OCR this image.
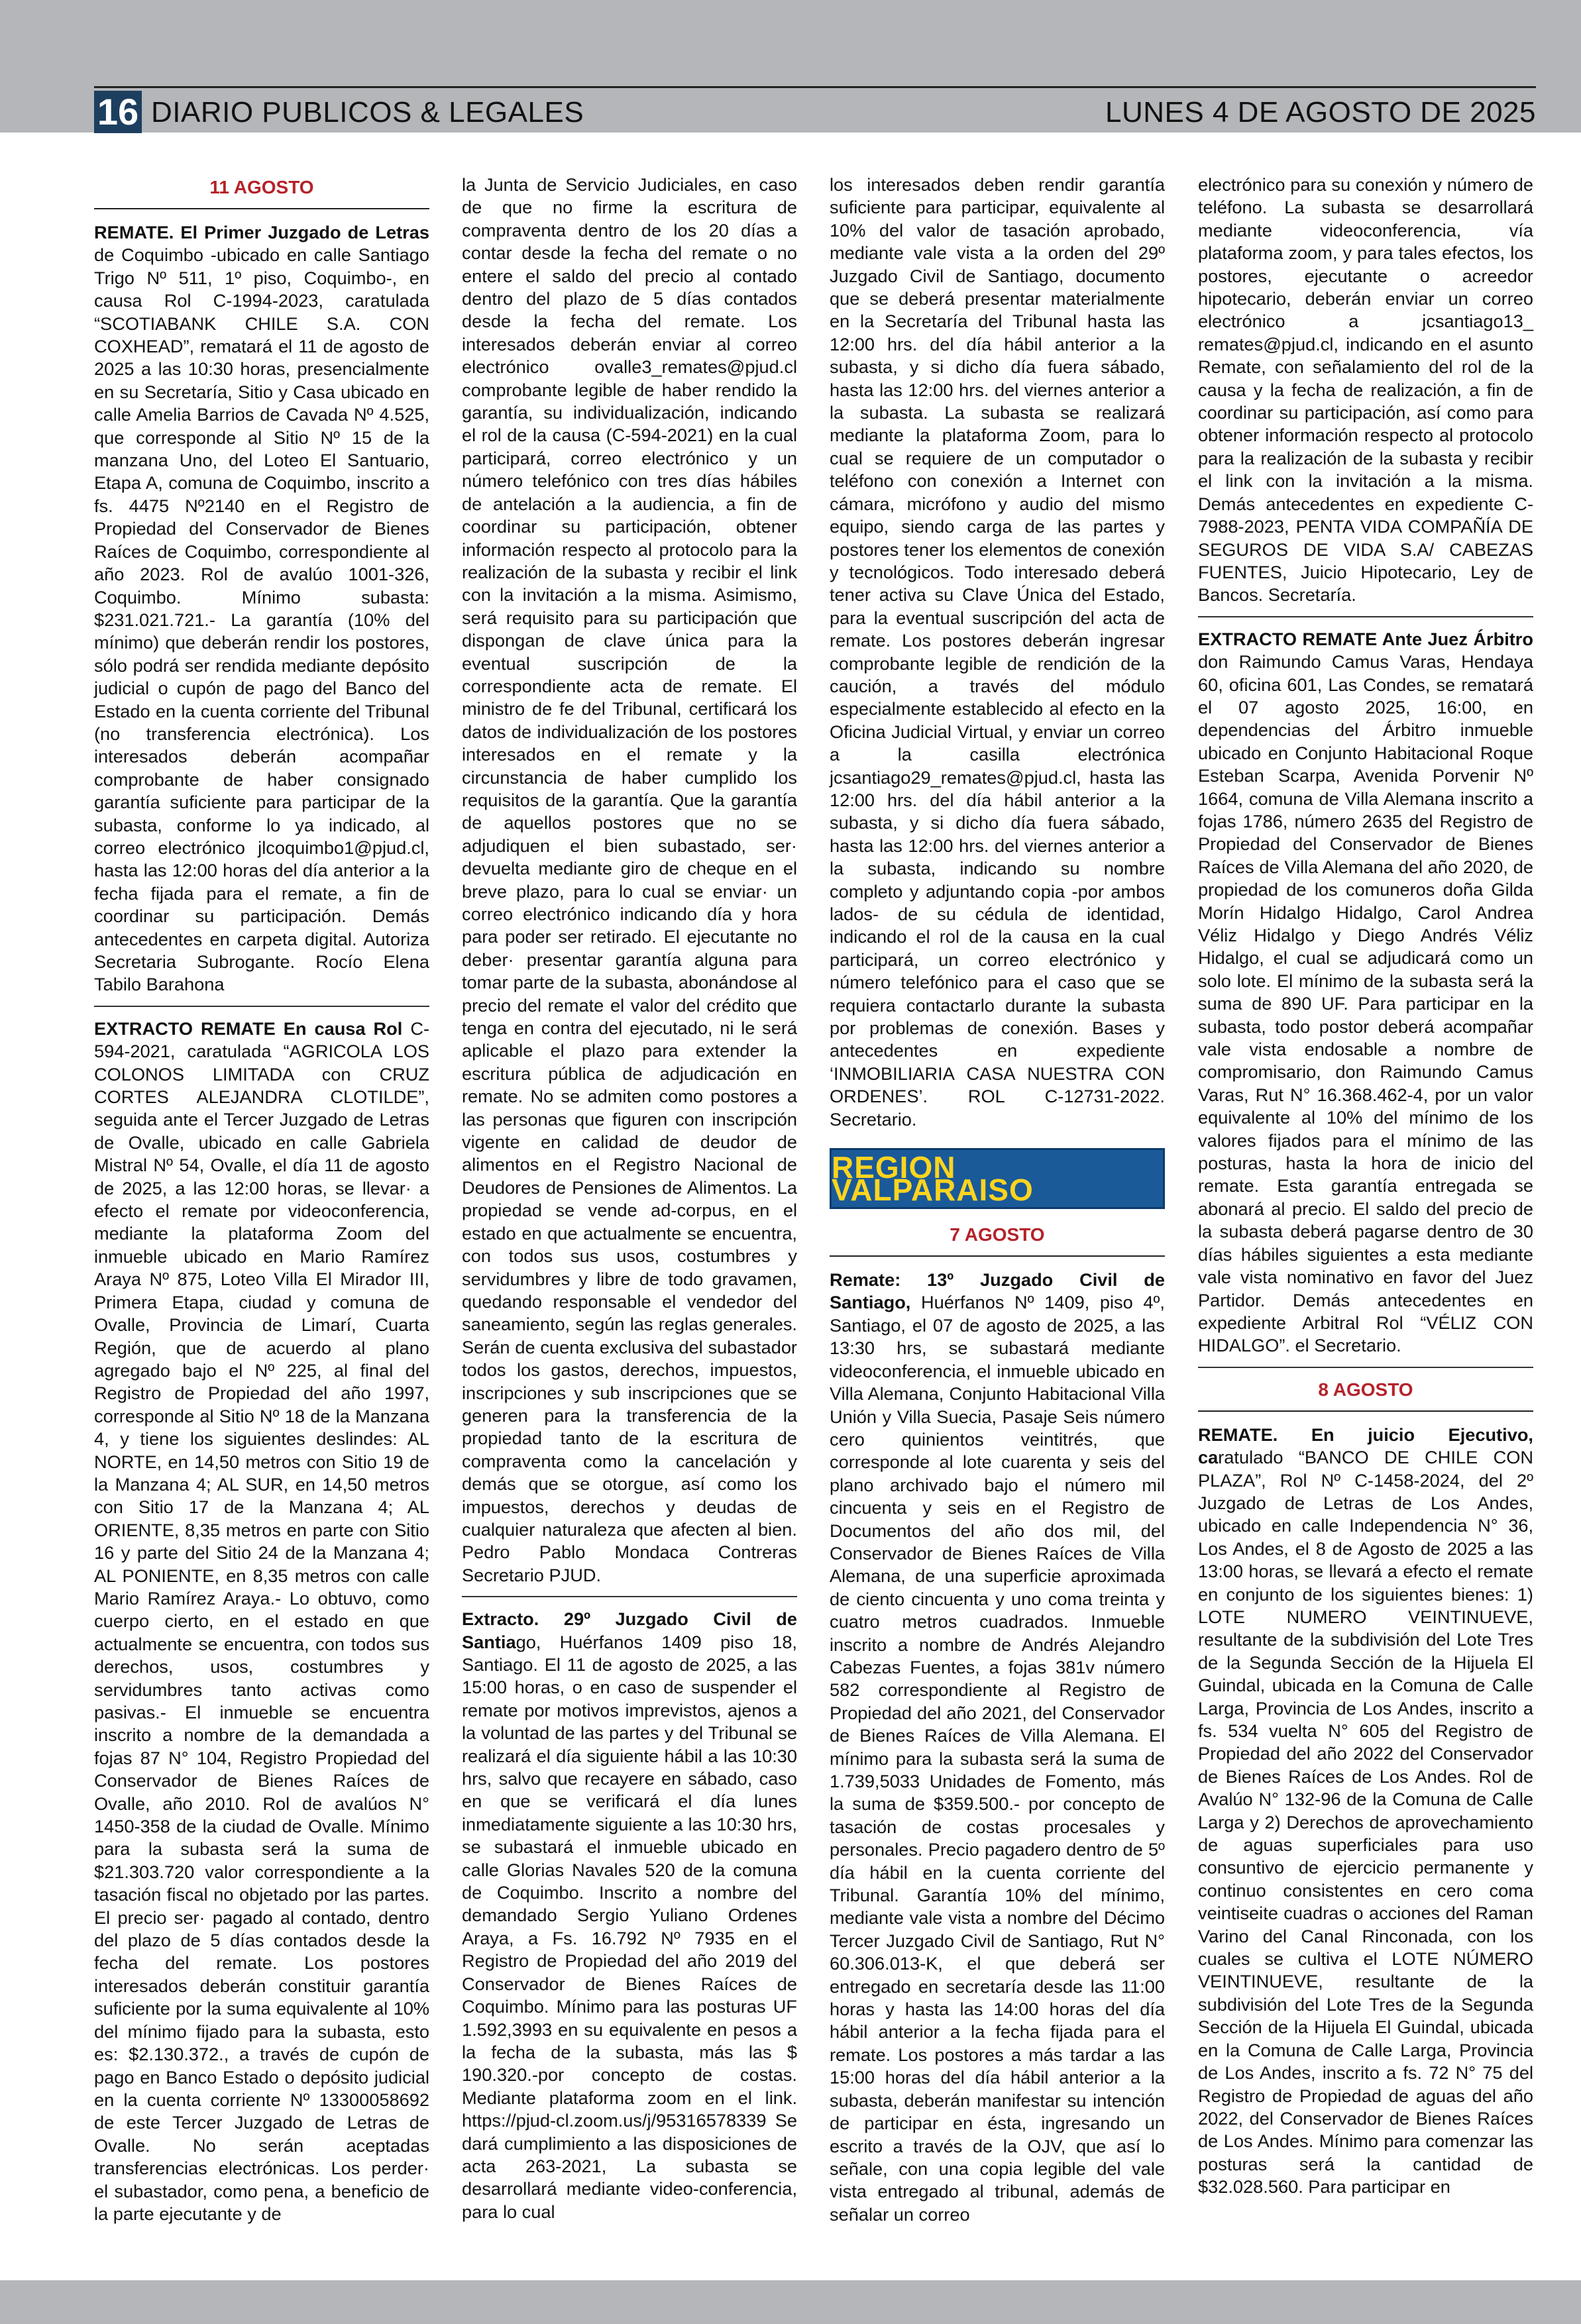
16 DIARIO PUBLICOS & LEGALES	LUNES 4 DE AGOSTO DE 2025
11 AGOSTO

REMATE. El Primer Juzgado de Letras de Coquimbo -ubicado en calle Santiago Trigo Nº 511, 1º piso, Coquimbo-, en causa Rol C-1994-2023, caratulada “SCOTIABANK CHILE S.A. CON COXHEAD”, rematará el 11 de agosto de 2025 a las 10:30 horas, presencialmente en su Secretaría, Sitio y Casa ubicado en calle Amelia Barrios de Cavada Nº 4.525, que corresponde al Sitio Nº 15 de la manzana Uno, del Loteo El Santuario, Etapa A, comuna de Coquimbo, inscrito a fs. 4475 Nº2140 en el Registro de Propiedad del Conservador de Bienes Raíces de Coquimbo, correspondiente al año 2023. Rol de avalúo 1001-326, Coquimbo. Mínimo subasta: $231.021.721.- La garantía (10% del mínimo) que deberán rendir los postores, sólo podrá ser rendida mediante depósito judicial o cupón de pago del Banco del Estado en la cuenta corriente del Tribunal (no transferencia electrónica). Los interesados deberán acompañar comprobante de haber consignado garantía suficiente para participar de la subasta, conforme lo ya indicado, al correo electrónico jlcoquimbo1@pjud.cl, hasta las 12:00 horas del día anterior a la fecha fijada para el remate, a fin de coordinar su participación. Demás antecedentes en carpeta digital. Autoriza Secretaria Subrogante. Rocío Elena Tabilo Barahona

EXTRACTO REMATE En causa Rol C-594-2021, caratulada “AGRICOLA LOS COLONOS LIMITADA con CRUZ CORTES ALEJANDRA CLOTILDE”, seguida ante el Tercer Juzgado de Letras de Ovalle, ubicado en calle Gabriela Mistral Nº 54, Ovalle, el día 11 de agosto de 2025, a las 12:00 horas, se llevar· a efecto el remate por videoconferencia, mediante la plataforma Zoom del inmueble ubicado en Mario Ramírez Araya Nº 875, Loteo Villa El Mirador III, Primera Etapa, ciudad y comuna de Ovalle, Provincia de Limarí, Cuarta Región, que de acuerdo al plano agregado bajo el Nº 225, al final del Registro de Propiedad del año 1997, corresponde al Sitio Nº 18 de la Manzana 4, y tiene los siguientes deslindes: AL NORTE, en 14,50 metros con Sitio 19 de la Manzana 4; AL SUR, en 14,50 metros con Sitio 17 de la Manzana 4; AL ORIENTE, 8,35 metros en parte con Sitio 16 y parte del Sitio 24 de la Manzana 4; AL PONIENTE, en 8,35 metros con calle Mario Ramírez Araya.- Lo obtuvo, como cuerpo cierto, en el estado en que actualmente se encuentra, con todos sus derechos, usos, costumbres y servidumbres tanto activas como pasivas.- El inmueble se encuentra inscrito a nombre de la demandada a fojas 87 N° 104, Registro Propiedad del Conservador de Bienes Raíces de Ovalle, año 2010. Rol de avalúos N° 1450-358 de la ciudad de Ovalle. Mínimo para la subasta será la suma de $21.303.720 valor correspondiente a la tasación fiscal no objetado por las partes. El precio ser· pagado al contado, dentro del plazo de 5 días contados desde la fecha del remate. Los postores interesados deberán constituir garantía suficiente por la suma equivalente al 10% del mínimo fijado para la subasta, esto es: $2.130.372., a través de cupón de pago en Banco Estado o depósito judicial en la cuenta corriente Nº 13300058692 de este Tercer Juzgado de Letras de Ovalle. No serán aceptadas transferencias electrónicas. Los perder· el subastador, como pena, a beneficio de la parte ejecutante y de

la Junta de Servicio Judiciales, en caso de que no firme la escritura de compraventa dentro de los 20 días a contar desde la fecha del remate o no entere el saldo del precio al contado dentro del plazo de 5 días contados desde la fecha del remate. Los interesados deberán enviar al correo electrónico ovalle3_remates@pjud.cl comprobante legible de haber rendido la garantía, su individualización, indicando el rol de la causa (C-594-2021) en la cual participará, correo electrónico y un número telefónico con tres días hábiles de antelación a la audiencia, a fin de coordinar su participación, obtener información respecto al protocolo para la realización de la subasta y recibir el link con la invitación a la misma. Asimismo, será requisito para su participación que dispongan de clave única para la eventual suscripción de la correspondiente acta de remate. El ministro de fe del Tribunal, certificará los datos de individualización de los postores interesados en el remate y la circunstancia de haber cumplido los requisitos de la garantía. Que la garantía de aquellos postores que no se adjudiquen el bien subastado, ser· devuelta mediante giro de cheque en el breve plazo, para lo cual se enviar· un correo electrónico indicando día y hora para poder ser retirado. El ejecutante no deber· presentar garantía alguna para tomar parte de la subasta, abonándose al precio del remate el valor del crédito que tenga en contra del ejecutado, ni le será aplicable el plazo para extender la escritura pública de adjudicación en remate. No se admiten como postores a las personas que figuren con inscripción vigente en calidad de deudor de alimentos en el Registro Nacional de Deudores de Pensiones de Alimentos. La propiedad se vende ad-corpus, en el estado en que actualmente se encuentra, con todos sus usos, costumbres y servidumbres y libre de todo gravamen, quedando responsable el vendedor del saneamiento, según las reglas generales. Serán de cuenta exclusiva del subastador todos los gastos, derechos, impuestos, inscripciones y sub inscripciones que se generen para la transferencia de la propiedad tanto de la escritura de compraventa como la cancelación y demás que se otorgue, así como los impuestos, derechos y deudas de cualquier naturaleza que afecten al bien. Pedro Pablo Mondaca Contreras Secretario PJUD.

Extracto. 29º Juzgado Civil de Santiago, Huérfanos 1409 piso 18, Santiago. El 11 de agosto de 2025, a las 15:00 horas, o en caso de suspender el remate por motivos imprevistos, ajenos a la voluntad de las partes y del Tribunal se realizará el día siguiente hábil a las 10:30 hrs, salvo que recayere en sábado, caso en que se verificará el día lunes inmediatamente siguiente a las 10:30 hrs, se subastará el inmueble ubicado en calle Glorias Navales 520 de la comuna de Coquimbo. Inscrito a nombre del demandado Sergio Yuliano Ordenes Araya, a Fs. 16.792 Nº 7935 en el Registro de Propiedad del año 2019 del Conservador de Bienes Raíces de Coquimbo. Mínimo para las posturas UF 1.592,3993 en su equivalente en pesos a la fecha de la subasta, más las $ 190.320.-por concepto de costas. Mediante plataforma zoom en el link. https://pjud-cl.zoom.us/j/95316578339 Se dará cumplimiento a las disposiciones de acta 263-2021, La subasta se desarrollará mediante video-conferencia, para lo cual

los interesados deben rendir garantía suficiente para participar, equivalente al 10% del valor de tasación aprobado, mediante vale vista a la orden del 29º Juzgado Civil de Santiago, documento que se deberá presentar materialmente en la Secretaría del Tribunal hasta las 12:00 hrs. del día hábil anterior a la subasta, y si dicho día fuera sábado, hasta las 12:00 hrs. del viernes anterior a la subasta. La subasta se realizará mediante la plataforma Zoom, para lo cual se requiere de un computador o teléfono con conexión a Internet con cámara, micrófono y audio del mismo equipo, siendo carga de las partes y postores tener los elementos de conexión y tecnológicos. Todo interesado deberá tener activa su Clave Única del Estado, para la eventual suscripción del acta de remate. Los postores deberán ingresar comprobante legible de rendición de la caución, a través del módulo especialmente establecido al efecto en la Oficina Judicial Virtual, y enviar un correo a la casilla electrónica jcsantiago29_remates@pjud.cl, hasta las 12:00 hrs. del día hábil anterior a la subasta, y si dicho día fuera sábado, hasta las 12:00 hrs. del viernes anterior a la subasta, indicando su nombre completo y adjuntando copia -por ambos lados- de su cédula de identidad, indicando el rol de la causa en la cual participará, un correo electrónico y número telefónico para el caso que se requiera contactarlo durante la subasta por problemas de conexión. Bases y antecedentes en expediente ‘INMOBILIARIA CASA NUESTRA CON ORDENES’. ROL C-12731-2022. Secretario.

REGION VALPARAISO
7 AGOSTO

Remate: 13º Juzgado Civil de Santiago, Huérfanos Nº 1409, piso 4º, Santiago, el 07 de agosto de 2025, a las 13:30 hrs, se subastará mediante videoconferencia, el inmueble ubicado en Villa Alemana, Conjunto Habitacional Villa Unión y Villa Suecia, Pasaje Seis número cero quinientos veintitrés, que corresponde al lote cuarenta y seis del plano archivado bajo el número mil cincuenta y seis en el Registro de Documentos del año dos mil, del Conservador de Bienes Raíces de Villa Alemana, de una superficie aproximada de ciento cincuenta y uno coma treinta y cuatro metros cuadrados. Inmueble inscrito a nombre de Andrés Alejandro Cabezas Fuentes, a fojas 381v número 582 correspondiente al Registro de Propiedad del año 2021, del Conservador de Bienes Raíces de Villa Alemana. El mínimo para la subasta será la suma de 1.739,5033 Unidades de Fomento, más la suma de $359.500.- por concepto de tasación de costas procesales y personales. Precio pagadero dentro de 5º día hábil en la cuenta corriente del Tribunal. Garantía 10% del mínimo, mediante vale vista a nombre del Décimo Tercer Juzgado Civil de Santiago, Rut N° 60.306.013-K, el que deberá ser entregado en secretaría desde las 11:00 horas y hasta las 14:00 horas del día hábil anterior a la fecha fijada para el remate. Los postores a más tardar a las 15:00 horas del día hábil anterior a la subasta, deberán manifestar su intención de participar en ésta, ingresando un escrito a través de la OJV, que así lo señale, con una copia legible del vale vista entregado al tribunal, además de señalar un correo

electrónico para su conexión y número de teléfono. La subasta se desarrollará mediante videoconferencia, vía plataforma zoom, y para tales efectos, los postores, ejecutante o acreedor hipotecario, deberán enviar un correo electrónico a jcsantiago13_ remates@pjud.cl, indicando en el asunto Remate, con señalamiento del rol de la causa y la fecha de realización, a fin de coordinar su participación, así como para obtener información respecto al protocolo para la realización de la subasta y recibir el link con la invitación a la misma. Demás antecedentes en expediente C-7988-2023, PENTA VIDA COMPAÑÍA DE SEGUROS DE VIDA S.A/ CABEZAS FUENTES, Juicio Hipotecario, Ley de Bancos. Secretaría.

EXTRACTO REMATE Ante Juez Árbitro don Raimundo Camus Varas, Hendaya 60, oficina 601, Las Condes, se rematará el 07 agosto 2025, 16:00, en dependencias del Árbitro inmueble ubicado en Conjunto Habitacional Roque Esteban Scarpa, Avenida Porvenir Nº 1664, comuna de Villa Alemana inscrito a fojas 1786, número 2635 del Registro de Propiedad del Conservador de Bienes Raíces de Villa Alemana del año 2020, de propiedad de los comuneros doña Gilda Morín Hidalgo Hidalgo, Carol Andrea Véliz Hidalgo y Diego Andrés Véliz Hidalgo, el cual se adjudicará como un solo lote. El mínimo de la subasta será la suma de 890 UF. Para participar en la subasta, todo postor deberá acompañar vale vista endosable a nombre de compromisario, don Raimundo Camus Varas, Rut N° 16.368.462-4, por un valor equivalente al 10% del mínimo de los valores fijados para el mínimo de las posturas, hasta la hora de inicio del remate. Esta garantía entregada se abonará al precio. El saldo del precio de la subasta deberá pagarse dentro de 30 días hábiles siguientes a esta mediante vale vista nominativo en favor del Juez Partidor. Demás antecedentes en expediente Arbitral Rol “VÉLIZ CON HIDALGO”. el Secretario.

8 AGOSTO

REMATE. En juicio Ejecutivo, caratulado “BANCO DE CHILE CON PLAZA”, Rol Nº C-1458-2024, del 2º Juzgado de Letras de Los Andes, ubicado en calle Independencia N° 36, Los Andes, el 8 de Agosto de 2025 a las 13:00 horas, se llevará a efecto el remate en conjunto de los siguientes bienes: 1) LOTE NUMERO VEINTINUEVE, resultante de la subdivisión del Lote Tres de la Segunda Sección de la Hijuela El Guindal, ubicada en la Comuna de Calle Larga, Provincia de Los Andes, inscrito a fs. 534 vuelta N° 605 del Registro de Propiedad del año 2022 del Conservador de Bienes Raíces de Los Andes. Rol de Avalúo N° 132-96 de la Comuna de Calle Larga y 2) Derechos de aprovechamiento de aguas superficiales para uso consuntivo de ejercicio permanente y continuo consistentes en cero coma veintiseite cuadras o acciones del Raman Varino del Canal Rinconada, con los cuales se cultiva el LOTE NÚMERO VEINTINUEVE, resultante de la subdivisión del Lote Tres de la Segunda Sección de la Hijuela El Guindal, ubicada en la Comuna de Calle Larga, Provincia de Los Andes, inscrito a fs. 72 N° 75 del Registro de Propiedad de aguas del año 2022, del Conservador de Bienes Raíces de Los Andes. Mínimo para comenzar las posturas será la cantidad de $32.028.560. Para participar en
